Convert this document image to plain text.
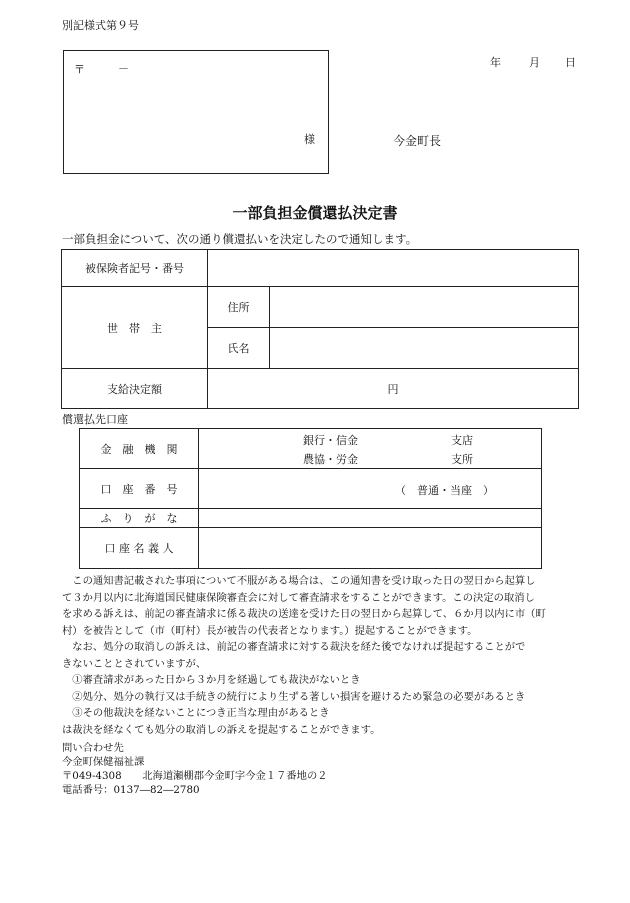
別記様式第９号
年	月 日
〒	－
様	今金町長
一部負担金償還払決定書
一部負担金について、次の通り償還払いを決定したので通知します。
被保険者記号・番号		
世　帯　主	住所	
	氏名	
支給決定額	円	
償還払先口座
金　融　機　関	銀行・信金 支店
農協・労金 支所

口　座　番　号	（　普通・当座　）

ふ　り　が　な	
口 座 名 義 人	
　この通知書記載された事項について不服がある場合は、この通知書を受け取った日の翌日から起算し
て３か月以内に北海道国民健康保険審査会に対して審査請求をすることができます。この決定の取消し
を求める訴えは、前記の審査請求に係る裁決の送達を受けた日の翌日から起算して、６か月以内に市（町
村）を被告として（市（町村）長が被告の代表者となります。）提起することができます。
　なお、処分の取消しの訴えは、前記の審査請求に対する裁決を経た後でなければ提起することがで
きないこととされていますが、
　①審査請求があった日から３か月を経過しても裁決がないとき
　②処分、処分の執行又は手続きの続行により生ずる著しい損害を避けるため緊急の必要があるとき
　③その他裁決を経ないことにつき正当な理由があるとき
は裁決を経なくても処分の取消しの訴えを提起することができます。
問い合わせ先
今金町保健福祉課
〒049‐4308　　北海道瀬棚郡今金町字今金１７番地の２
電話番号：0137―82―2780
